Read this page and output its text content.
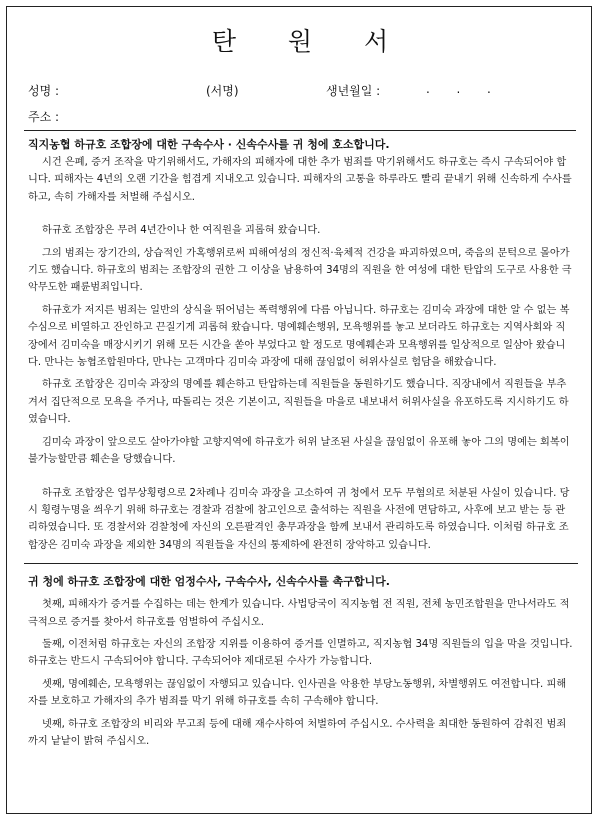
탄 원 서
성명 :	(서명)	생년월일 :	.       .       .
주소 :
직지농협 하규호 조합장에 대한 구속수사 · 신속수사를 귀 청에 호소합니다.

시건 은폐, 증거 조작을 막기위해서도, 가해자의 피해자에 대한 추가 범죄를 막기위해서도 하규호는 즉시 구속되어야 합니다. 피해자는 4년의 오랜 기간을 힘겹게 지내오고 있습니다. 피해자의 고통을 하루라도 빨리 끝내기 위해 신속하게 수사를 하고, 속히 가해자를 처벌해 주십시오.

하규호 조합장은 무려 4년간이나 한 여직원을 괴롭혀 왔습니다.

그의 범죄는 장기간의, 상습적인 가혹행위로써 피해여성의 정신적·육체적 건강을 파괴하였으며, 죽음의 문턱으로 몰아가기도 했습니다. 하규호의 범죄는 조합장의 권한 그 이상을 남용하여 34명의 직원을 한 여성에 대한 탄압의 도구로 사용한 극악무도한 패륜범죄입니다.

하규호가 저지른 범죄는 일반의 상식을 뛰어넘는 폭력행위에 다름 아닙니다. 하규호는 김미숙 과장에 대한 알 수 없는 복수심으로 비열하고 잔인하고 끈질기게 괴롭혀 왔습니다. 명예훼손행위, 모욕행위를 놓고 보더라도 하규호는 지역사회와 직장에서 김미숙을 매장시키기 위해 모든 시간을 쏟아 부었다고 할 정도로 명예훼손과 모욕행위를 일상적으로 일삼아 왔습니다. 만나는 농협조합원마다, 만나는 고객마다 김미숙 과장에 대해 끊임없이 허위사실로 험담을 해왔습니다.

하규호 조합장은 김미숙 과장의 명예를 훼손하고 탄압하는데 직원들을 동원하기도 했습니다. 직장내에서 직원들을 부추겨서 집단적으로 모욕을 주거나, 따돌리는 것은 기본이고, 직원들을 마을로 내보내서 허위사실을 유포하도록 지시하기도 하였습니다.

김미숙 과장이 앞으로도 살아가야할 고향지역에 하규호가 허위 날조된 사실을 끊임없이 유포해 놓아 그의 명예는 회복이 불가능할만큼 훼손을 당했습니다.

하규호 조합장은 업무상횡령으로 2차례나 김미숙 과장을 고소하여 귀 청에서 모두 무혐의로 처분된 사실이 있습니다. 당시 횡령누명을 씌우기 위해 하규호는 경찰과 검찰에 참고인으로 출석하는 직원을 사전에 면담하고, 사후에 보고 받는 등 관리하였습니다. 또 경찰서와 검찰청에 자신의 오른팔격인 총무과장을 함께 보내서 관리하도록 하였습니다. 이처럼 하규호 조합장은 김미숙 과장을 제외한 34명의 직원들을 자신의 통제하에 완전히 장악하고 있습니다.

귀 청에 하규호 조합장에 대한 엄정수사, 구속수사, 신속수사를 촉구합니다.

첫째, 피해자가 증거를 수집하는 데는 한계가 있습니다. 사법당국이 직지농협 전 직원, 전체 농민조합원을 만나서라도 적극적으로 증거를 찾아서 하규호를 엄벌하여 주십시오.

둘째, 이전처럼 하규호는 자신의 조합장 지위를 이용하여 증거를 인멸하고, 직지농협 34명 직원들의 입을 막을 것입니다. 하규호는 반드시 구속되어야 합니다. 구속되어야 제대로된 수사가 가능합니다.

셋째, 명예훼손, 모욕행위는 끊임없이 자행되고 있습니다. 인사권을 악용한 부당노동행위, 차별행위도 여전합니다. 피해자를 보호하고 가해자의 추가 범죄를 막기 위해 하규호를 속히 구속해야 합니다.

넷째, 하규호 조합장의 비리와 무고죄 등에 대해 재수사하여 처벌하여 주십시오. 수사력을 최대한 동원하여 감춰진 범죄까지 낱낱이 밝혀 주십시오.
